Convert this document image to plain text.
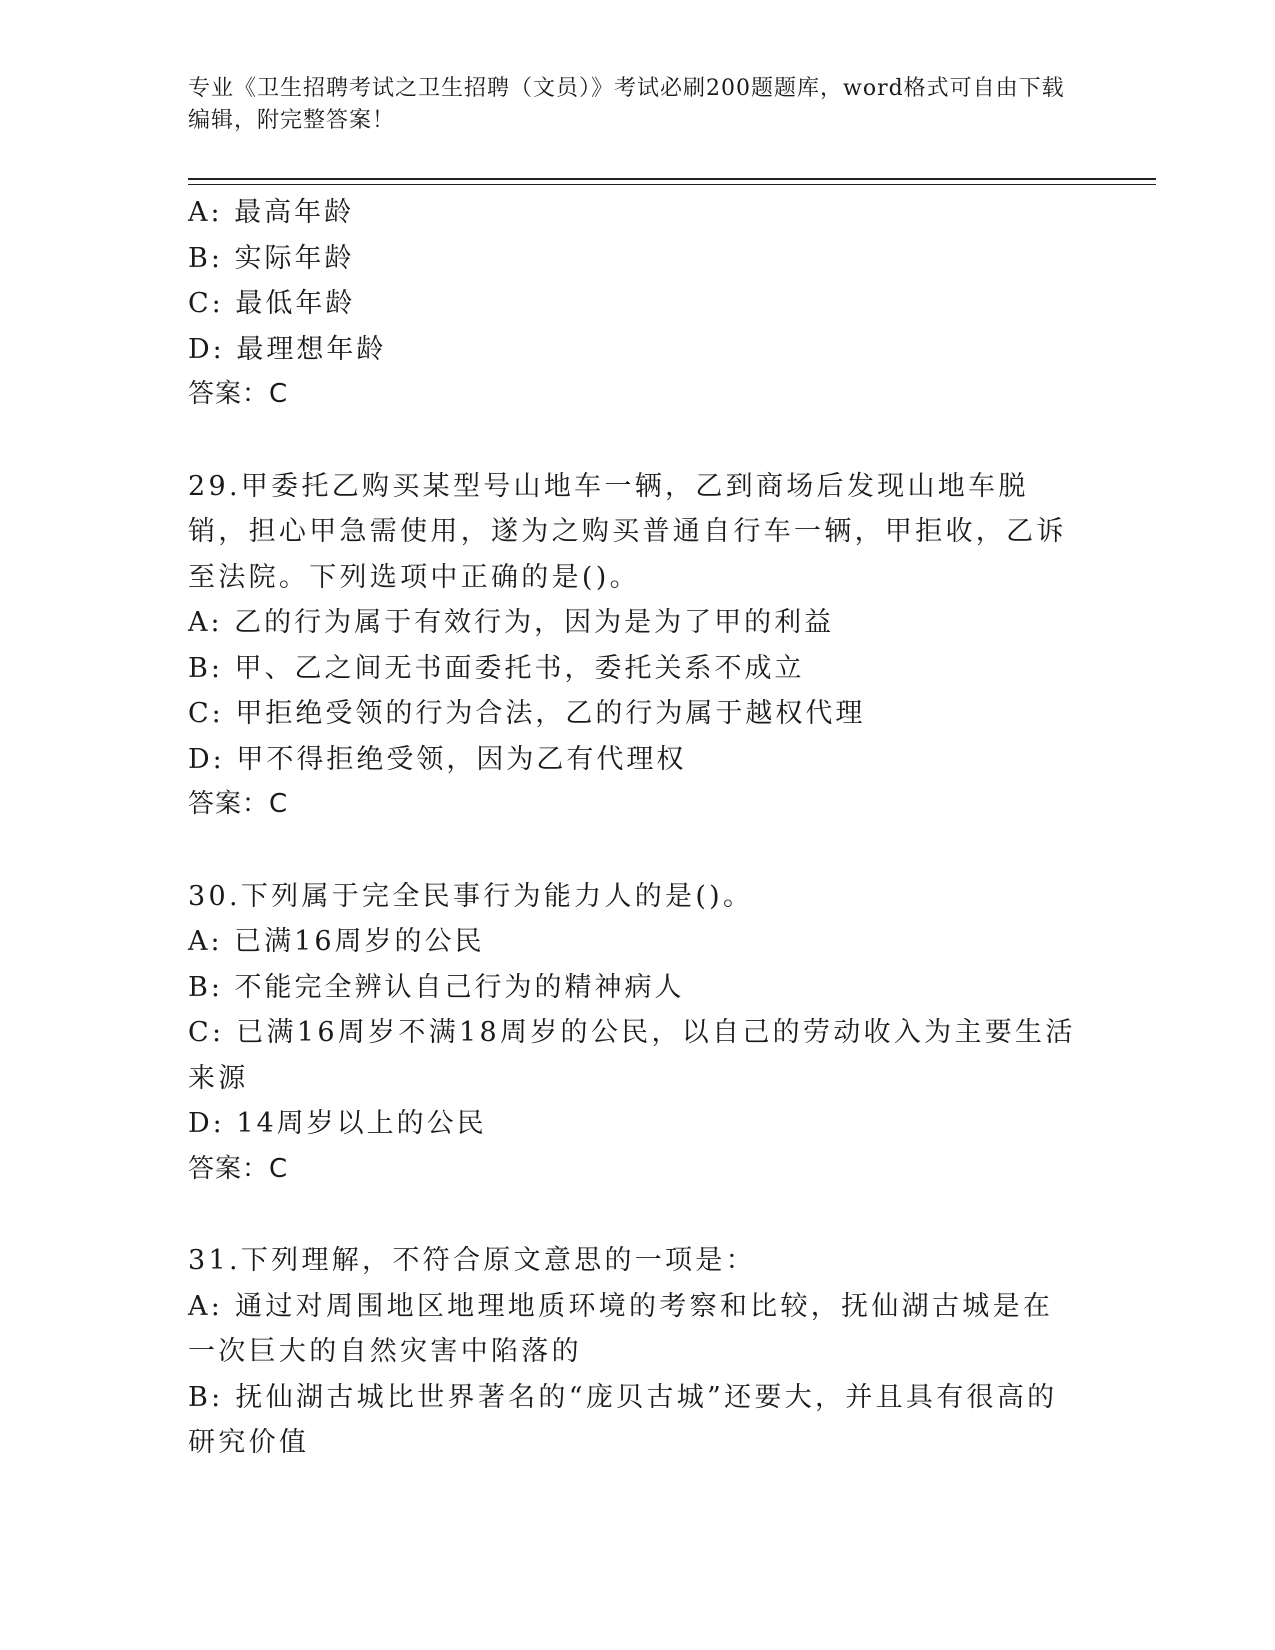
专业《卫生招聘考试之卫生招聘（文员）》考试必刷200题题库，word格式可自由下载编辑，附完整答案！
A: 最高年龄
B: 实际年龄
C: 最低年龄
D: 最理想年龄
答案：C
29.甲委托乙购买某型号山地车一辆，乙到商场后发现山地车脱销，担心甲急需使用，遂为之购买普通自行车一辆，甲拒收，乙诉至法院。下列选项中正确的是()。
A: 乙的行为属于有效行为，因为是为了甲的利益
B: 甲、乙之间无书面委托书，委托关系不成立
C: 甲拒绝受领的行为合法，乙的行为属于越权代理
D: 甲不得拒绝受领，因为乙有代理权
答案：C
30.下列属于完全民事行为能力人的是()。
A: 已满16周岁的公民
B: 不能完全辨认自己行为的精神病人
C: 已满16周岁不满18周岁的公民，以自己的劳动收入为主要生活来源
D: 14周岁以上的公民
答案：C
31.下列理解，不符合原文意思的一项是：
A: 通过对周围地区地理地质环境的考察和比较，抚仙湖古城是在一次巨大的自然灾害中陷落的
B: 抚仙湖古城比世界著名的“庞贝古城”还要大，并且具有很高的研究价值
